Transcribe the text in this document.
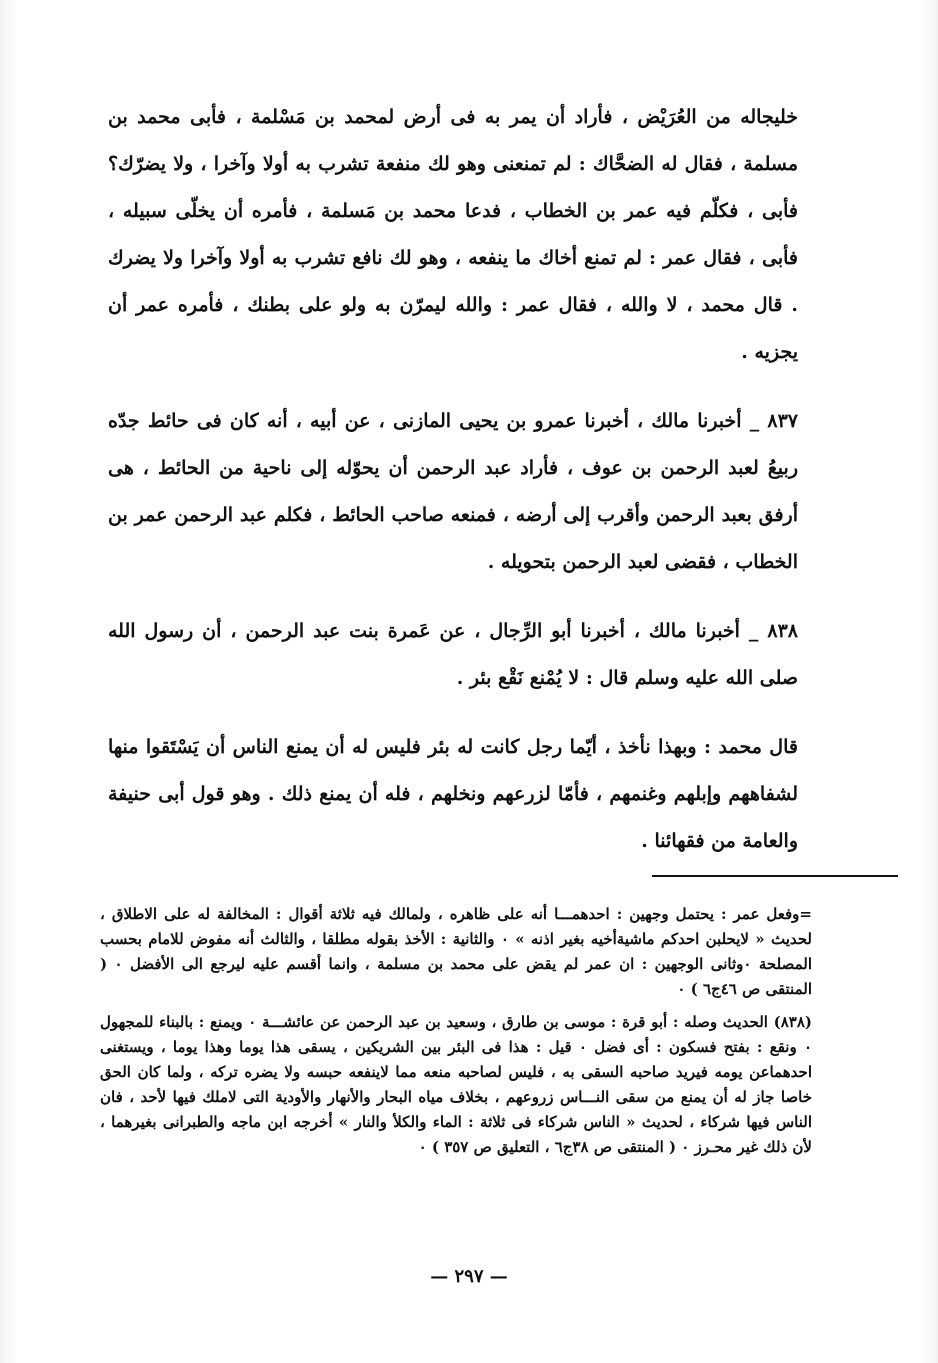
خليجاله من العُرَيْض ، فأراد أن يمر به فى أرض لمحمد بن مَسْلمة ، فأبى محمد بن مسلمة ، فقال له الضحَّاك : لم تمنعنى وهو لك منفعة تشرب به أولا وآخرا ، ولا يضرّك؟ فأبى ، فكلّم فيه عمر بن الخطاب ، فدعا محمد بن مَسلمة ، فأمره أن يخلّى سبيله ، فأبى ، فقال عمر : لم تمنع أخاك ما ينفعه ، وهو لك نافع تشرب به أولا وآخرا ولا يضرك . قال محمد ، لا والله ، فقال عمر : والله ليمرّن به ولو على بطنك ، فأمره عمر أن يجزيه .

٨٣٧ _ أخبرنا مالك ، أخبرنا عمرو بن يحيى المازنى ، عن أبيه ، أنه كان فى حائط جدّه ربيعُ لعبد الرحمن بن عوف ، فأراد عبد الرحمن أن يحوّله إلى ناحية من الحائط ، هى أرفق بعبد الرحمن وأقرب إلى أرضه ، فمنعه صاحب الحائط ، فكلم عبد الرحمن عمر بن الخطاب ، فقضى لعبد الرحمن بتحويله .

٨٣٨ _ أخبرنا مالك ، أخبرنا أبو الرِّجال ، عن عَمرة بنت عبد الرحمن ، أن رسول الله صلى الله عليه وسلم قال : لا يُمْنع نَقْع بئر .

قال محمد : وبهذا نأخذ ، أيّما رجل كانت له بئر فليس له أن يمنع الناس أن يَسْتَقوا منها لشفاههم وإبلهم وغنمهم ، فأمّا لزرعهم ونخلهم ، فله أن يمنع ذلك . وهو قول أبى حنيفة والعامة من فقهائنا .

=وفعل عمر : يحتمل وجهين : احدهمـــا أنه على ظاهره ، ولمالك فيه ثلاثة أقوال : المخالفة له على الاطلاق ، لحديث « لايحلبن احدكم ماشيةأخيه بغير اذنه » ٠ والثانية : الأخذ بقوله مطلقا ، والثالث أنه مفوض للامام بحسب المصلحة ٠وثانى الوجهين : ان عمر لم يقض على محمد بن مسلمة ، وانما أقسم عليه ليرجع الى الأفضل ٠ ( المنتقى ص ٤٦ج٦ ) ٠

(٨٣٨) الحديث وصله : أبو قرة : موسى بن طارق ، وسعيد بن عبد الرحمن عن عائشـــة ٠ ويمنع : بالبناء للمجهول ٠ ونقع : بفتح فسكون : أى فضل ٠ قيل : هذا فى البئر بين الشريكين ، يسقى هذا يوما وهذا يوما ، ويستغنى احدهماعن يومه فيريد صاحبه السقى به ، فليس لصاحبه منعه مما لاينفعه حبسه ولا يضره تركه ، ولما كان الحق خاصا جاز له أن يمنع من سقى النـــاس زروعهم ، بخلاف مياه البحار والأنهار والأودية التى لاملك فيها لأحد ، فان الناس فيها شركاء ، لحديث « الناس شركاء فى ثلاثة : الماء والكلأ والنار » أخرجه ابن ماجه والطبرانى بغيرهما ، لأن ذلك غير محـرز ٠ ( المنتقى ص ٣٨ج٦ ، التعليق ص ٣٥٧ ) ٠

— ٢٩٧ —
